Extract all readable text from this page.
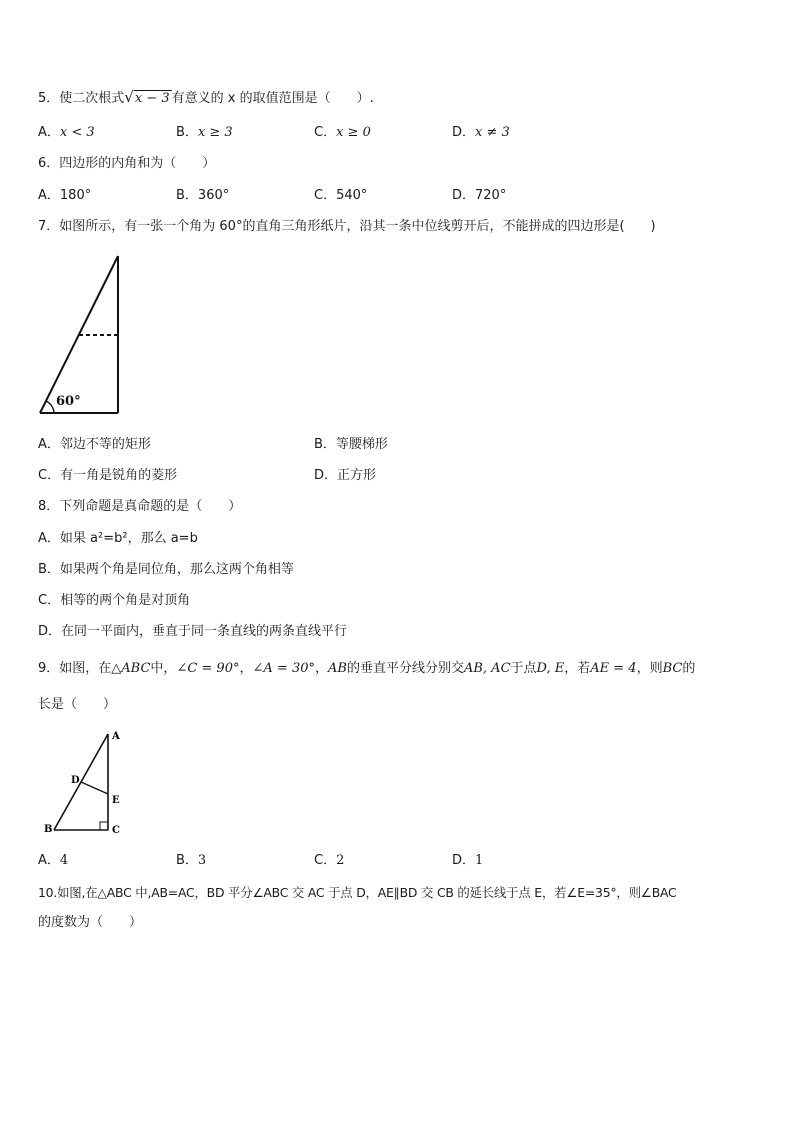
5．使二次根式√x − 3 有意义的 x 的取值范围是（　　）.
A．x < 3	B．x ≥ 3	C．x ≥ 0	D．x ≠ 3
6．四边形的内角和为（　　）
A．180°	B．360°	C．540°	D．720°
7．如图所示，有一张一个角为 60°的直角三角形纸片，沿其一条中位线剪开后，不能拼成的四边形是(　　)
60°
A．邻边不等的矩形	B．等腰梯形
C．有一角是锐角的菱形	D．正方形
8．下列命题是真命题的是（　　）
A．如果 a²=b²，那么 a=b
B．如果两个角是同位角，那么这两个角相等
C．相等的两个角是对顶角
D．在同一平面内，垂直于同一条直线的两条直线平行
9．如图，在△ABC中，∠C = 90°，∠A = 30°，AB的垂直平分线分别交AB, AC于点D, E，若AE = 4，则BC的
长是（　　）
A
B	C
D
E
A．4	B．3	C．2	D．1
10.如图,在△ABC 中,AB=AC，BD 平分∠ABC 交 AC 于点 D，AE∥BD 交 CB 的延长线于点 E，若∠E=35°，则∠BAC
的度数为（　　）
